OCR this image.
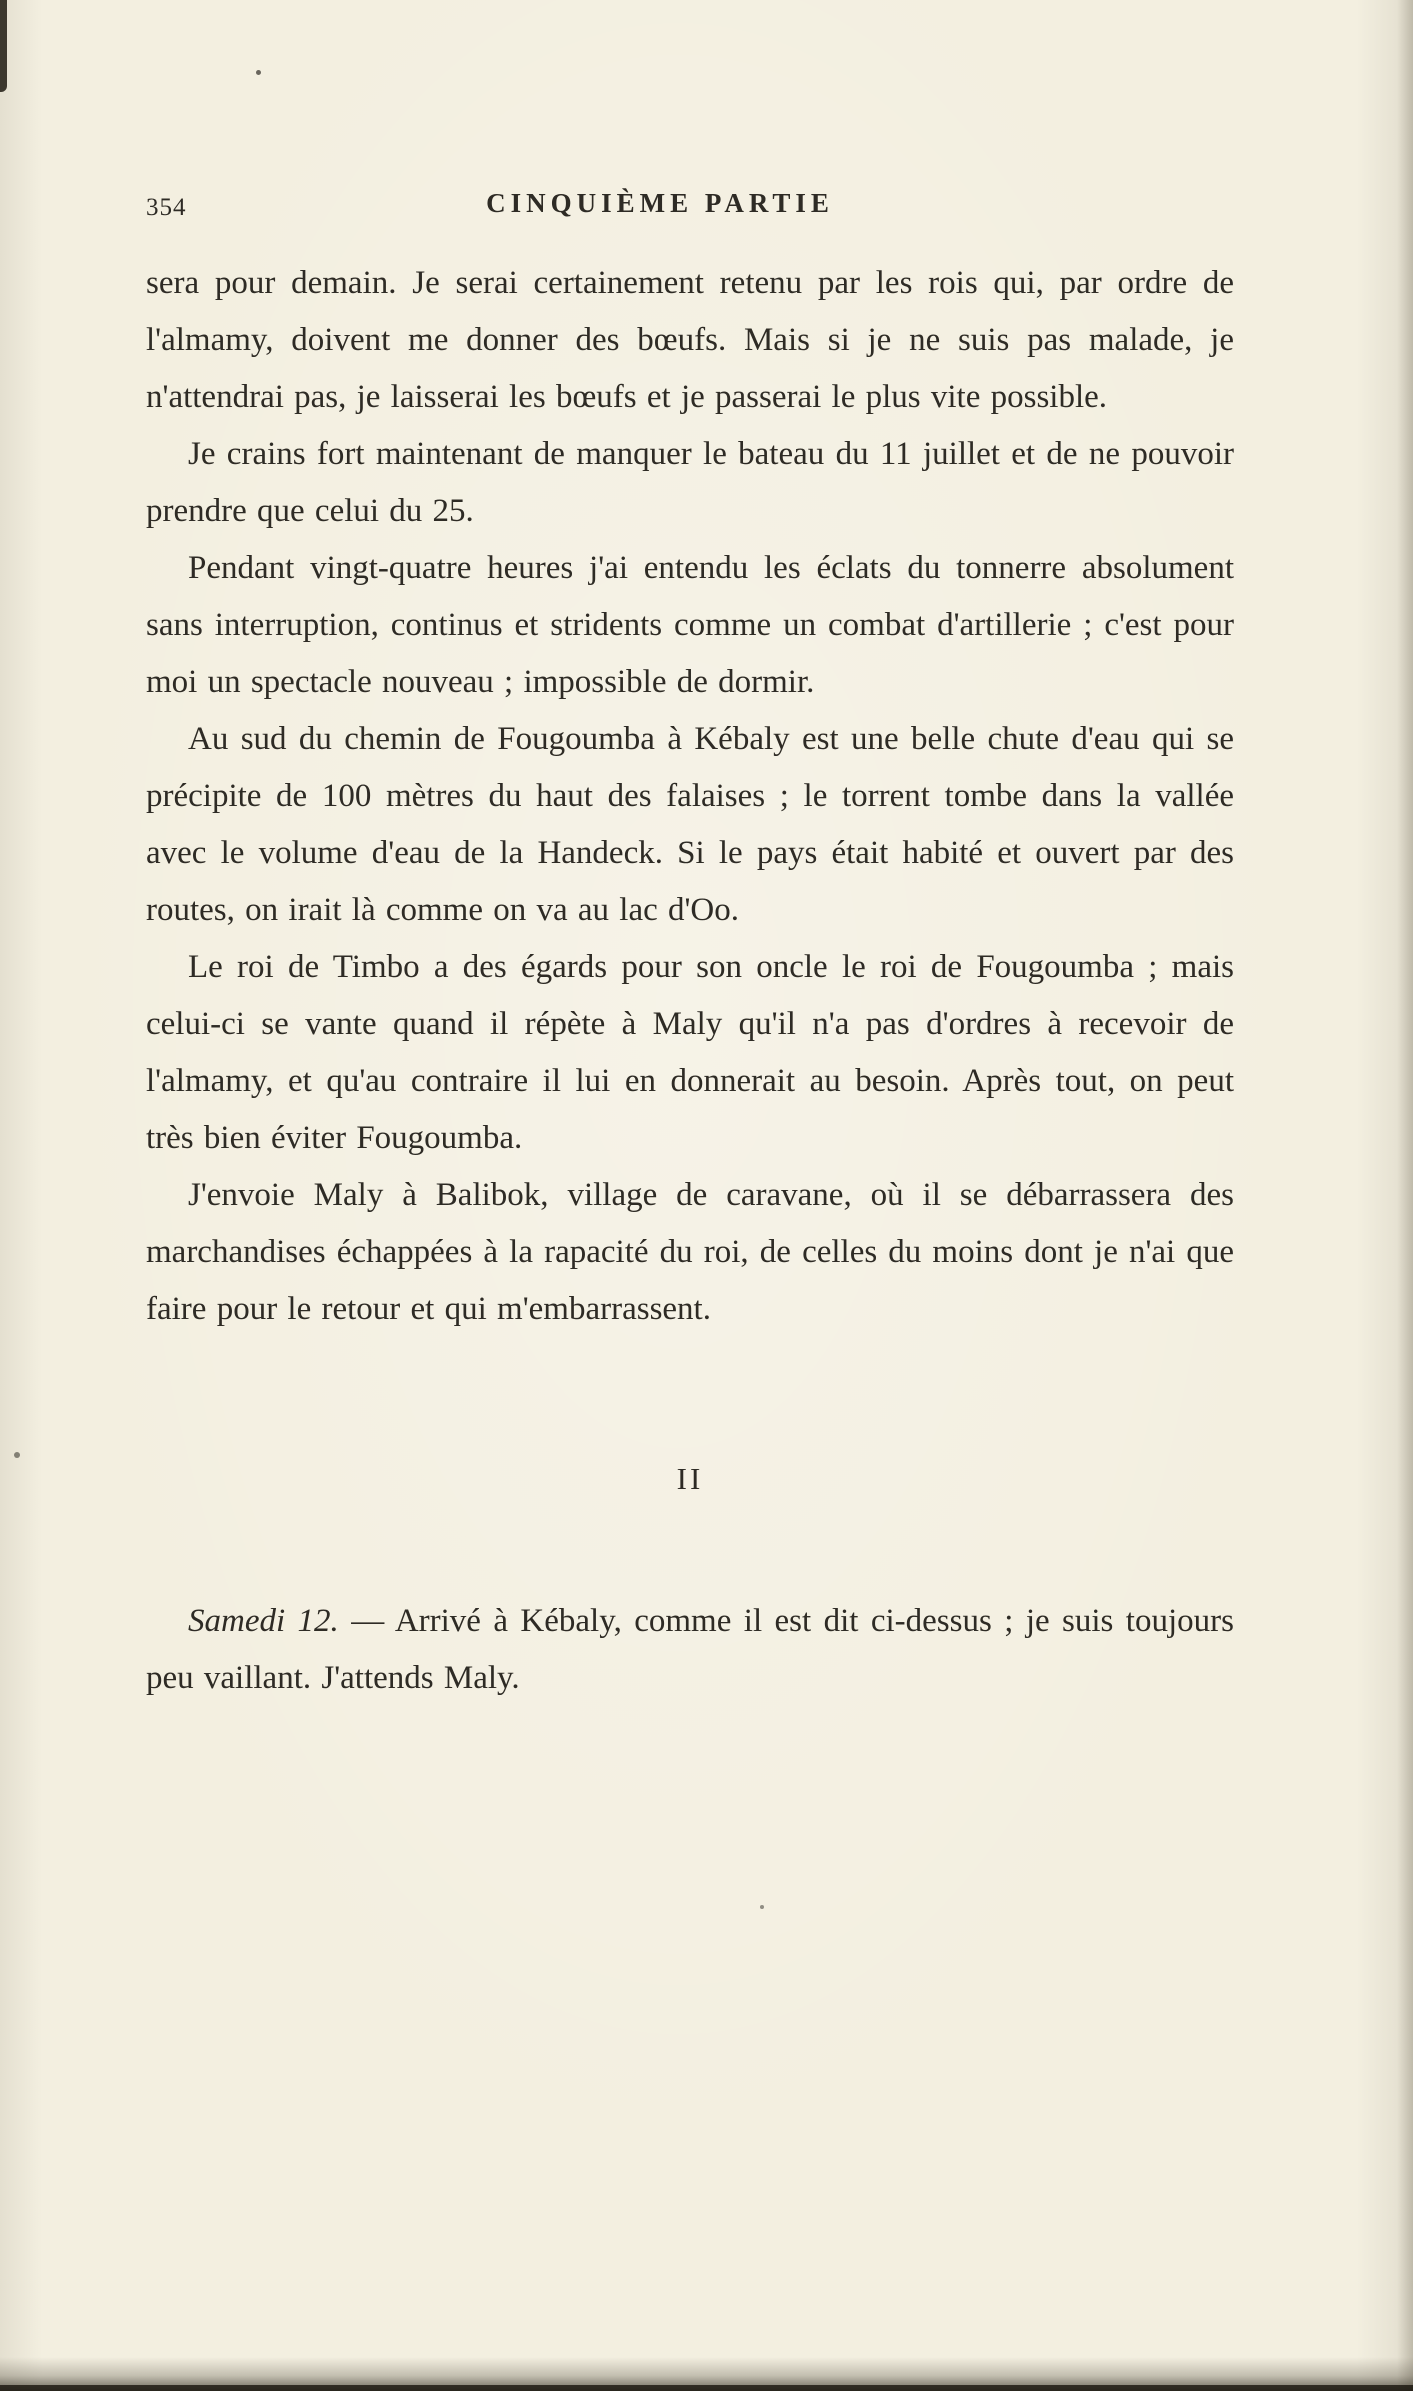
354	CINQUIÈME PARTIE

sera pour demain. Je serai certainement retenu par les rois qui, par ordre de l'almamy, doivent me donner des bœufs. Mais si je ne suis pas malade, je n'attendrai pas, je laisserai les bœufs et je passerai le plus vite possible.

Je crains fort maintenant de manquer le bateau du 11 juillet et de ne pouvoir prendre que celui du 25.

Pendant vingt-quatre heures j'ai entendu les éclats du tonnerre absolument sans interruption, continus et stridents comme un combat d'artillerie ; c'est pour moi un spectacle nouveau ; impossible de dormir.

Au sud du chemin de Fougoumba à Kébaly est une belle chute d'eau qui se précipite de 100 mètres du haut des falaises ; le torrent tombe dans la vallée avec le volume d'eau de la Handeck. Si le pays était habité et ouvert par des routes, on irait là comme on va au lac d'Oo.

Le roi de Timbo a des égards pour son oncle le roi de Fougoumba ; mais celui-ci se vante quand il répète à Maly qu'il n'a pas d'ordres à recevoir de l'almamy, et qu'au contraire il lui en donnerait au besoin. Après tout, on peut très bien éviter Fougoumba.

J'envoie Maly à Balibok, village de caravane, où il se débarrassera des marchandises échappées à la rapacité du roi, de celles du moins dont je n'ai que faire pour le retour et qui m'embarrassent.

II

Samedi 12. — Arrivé à Kébaly, comme il est dit ci-dessus ; je suis toujours peu vaillant. J'attends Maly.
